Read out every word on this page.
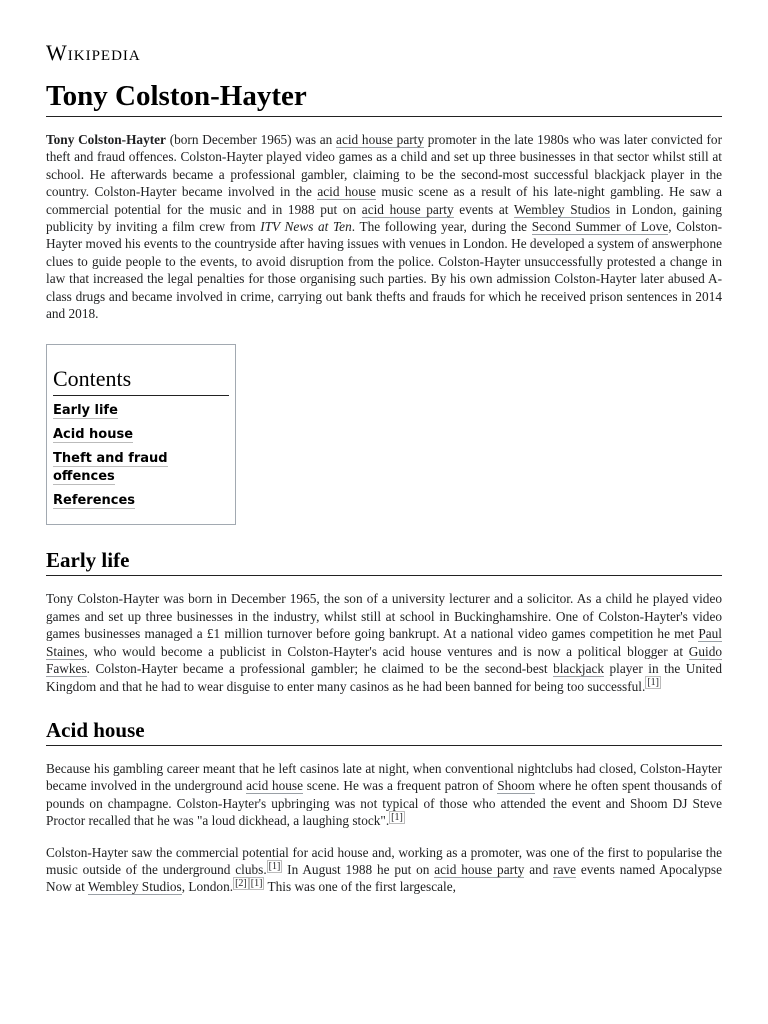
Wikipedia
Tony Colston-Hayter

Tony Colston-Hayter (born December 1965) was an acid house party promoter in the late 1980s who was later convicted for theft and fraud offences. Colston-Hayter played video games as a child and set up three businesses in that sector whilst still at school. He afterwards became a professional gambler, claiming to be the second-most successful blackjack player in the country. Colston-Hayter became involved in the acid house music scene as a result of his late-night gambling. He saw a commercial potential for the music and in 1988 put on acid house party events at Wembley Studios in London, gaining publicity by inviting a film crew from ITV News at Ten. The following year, during the Second Summer of Love, Colston-Hayter moved his events to the countryside after having issues with venues in London. He developed a system of answerphone clues to guide people to the events, to avoid disruption from the police. Colston-Hayter unsuccessfully protested a change in law that increased the legal penalties for those organising such parties. By his own admission Colston-Hayter later abused A-class drugs and became involved in crime, carrying out bank thefts and frauds for which he received prison sentences in 2014 and 2018.

Contents
Early life
Acid house
Theft and fraud offences
References
Early life

Tony Colston-Hayter was born in December 1965, the son of a university lecturer and a solicitor. As a child he played video games and set up three businesses in the industry, whilst still at school in Buckinghamshire. One of Colston-Hayter's video games businesses managed a £1 million turnover before going bankrupt. At a national video games competition he met Paul Staines, who would become a publicist in Colston-Hayter's acid house ventures and is now a political blogger at Guido Fawkes. Colston-Hayter became a professional gambler; he claimed to be the second-best blackjack player in the United Kingdom and that he had to wear disguise to enter many casinos as he had been banned for being too successful. [1]

Acid house

Because his gambling career meant that he left casinos late at night, when conventional nightclubs had closed, Colston-Hayter became involved in the underground acid house scene. He was a frequent patron of Shoom where he often spent thousands of pounds on champagne. Colston-Hayter's upbringing was not typical of those who attended the event and Shoom DJ Steve Proctor recalled that he was "a loud dickhead, a laughing stock". [1]

Colston-Hayter saw the commercial potential for acid house and, working as a promoter, was one of the first to popularise the music outside of the underground clubs. [1] In August 1988 he put on acid house party and rave events named Apocalypse Now at Wembley Studios, London. [2] [1] This was one of the first largescale,
